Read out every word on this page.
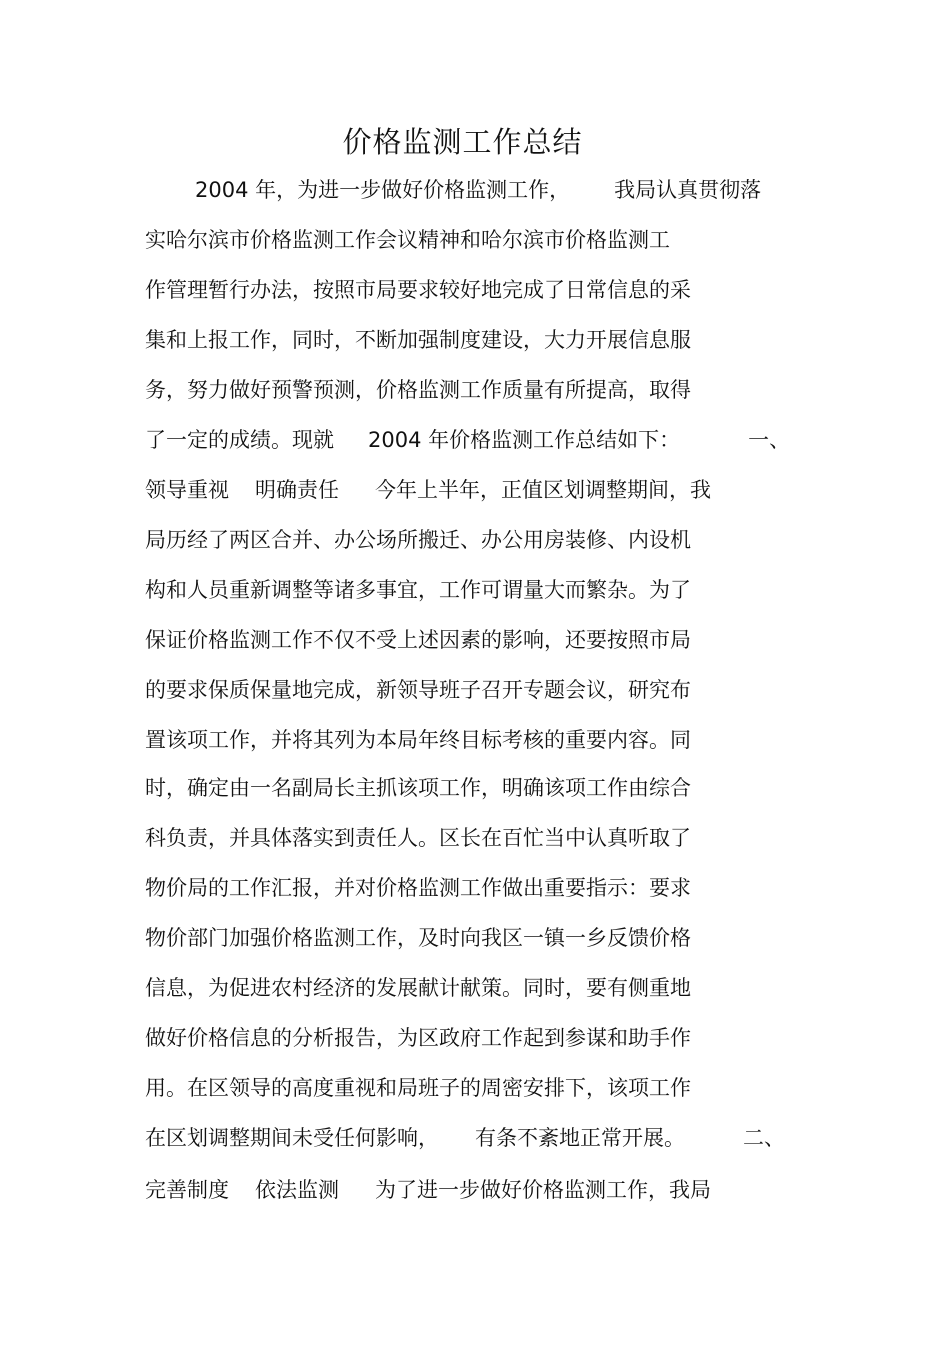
价格监测工作总结
2004 年，为进一步做好价格监测工作， 我局认真贯彻落
实哈尔滨市价格监测工作会议精神和哈尔滨市价格监测工
作管理暂行办法，按照市局要求较好地完成了日常信息的采
集和上报工作，同时，不断加强制度建设，大力开展信息服
务，努力做好预警预测，价格监测工作质量有所提高，取得
了一定的成绩。现就 2004 年价格监测工作总结如下：	一、
领导重视 明确责任 今年上半年，正值区划调整期间，我
局历经了两区合并、办公场所搬迁、办公用房装修、内设机
构和人员重新调整等诸多事宜，工作可谓量大而繁杂。为了
保证价格监测工作不仅不受上述因素的影响，还要按照市局
的要求保质保量地完成，新领导班子召开专题会议，研究布
置该项工作，并将其列为本局年终目标考核的重要内容。同
时，确定由一名副局长主抓该项工作，明确该项工作由综合
科负责，并具体落实到责任人。区长在百忙当中认真听取了
物价局的工作汇报，并对价格监测工作做出重要指示：要求
物价部门加强价格监测工作，及时向我区一镇一乡反馈价格
信息，为促进农村经济的发展献计献策。同时，要有侧重地
做好价格信息的分析报告，为区政府工作起到参谋和助手作
用。在区领导的高度重视和局班子的周密安排下，该项工作
在区划调整期间未受任何影响， 有条不紊地正常开展。	二、
完善制度 依法监测 为了进一步做好价格监测工作，我局
